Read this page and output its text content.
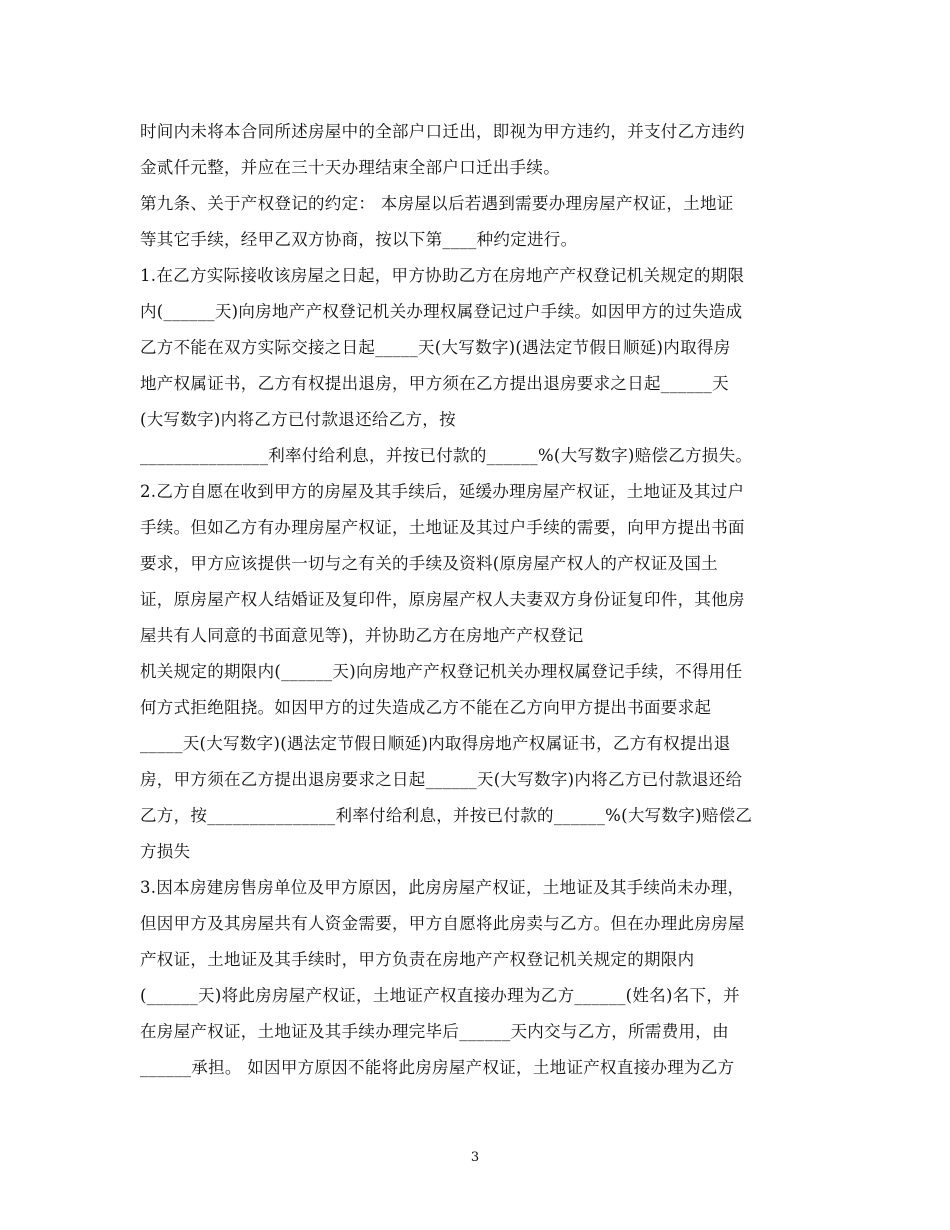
时间内未将本合同所述房屋中的全部户口迁出，即视为甲方违约，并支付乙方违约
金贰仟元整，并应在三十天办理结束全部户口迁出手续。
第九条、关于产权登记的约定： 本房屋以后若遇到需要办理房屋产权证，土地证
等其它手续，经甲乙双方协商，按以下第____种约定进行。
1.在乙方实际接收该房屋之日起，甲方协助乙方在房地产产权登记机关规定的期限
内(______天)向房地产产权登记机关办理权属登记过户手续。如因甲方的过失造成
乙方不能在双方实际交接之日起_____天(大写数字)(遇法定节假日顺延)内取得房
地产权属证书，乙方有权提出退房，甲方须在乙方提出退房要求之日起______天
(大写数字)内将乙方已付款退还给乙方，按
_______________利率付给利息，并按已付款的______%(大写数字)赔偿乙方损失。
2.乙方自愿在收到甲方的房屋及其手续后，延缓办理房屋产权证，土地证及其过户
手续。但如乙方有办理房屋产权证，土地证及其过户手续的需要，向甲方提出书面
要求，甲方应该提供一切与之有关的手续及资料(原房屋产权人的产权证及国土
证，原房屋产权人结婚证及复印件，原房屋产权人夫妻双方身份证复印件，其他房
屋共有人同意的书面意见等)，并协助乙方在房地产产权登记
机关规定的期限内(______天)向房地产产权登记机关办理权属登记手续，不得用任
何方式拒绝阻挠。如因甲方的过失造成乙方不能在乙方向甲方提出书面要求起
_____天(大写数字)(遇法定节假日顺延)内取得房地产权属证书，乙方有权提出退
房，甲方须在乙方提出退房要求之日起______天(大写数字)内将乙方已付款退还给
乙方，按_______________利率付给利息，并按已付款的______%(大写数字)赔偿乙
方损失
3.因本房建房售房单位及甲方原因，此房房屋产权证，土地证及其手续尚未办理，
但因甲方及其房屋共有人资金需要，甲方自愿将此房卖与乙方。但在办理此房房屋
产权证，土地证及其手续时，甲方负责在房地产产权登记机关规定的期限内
(______天)将此房房屋产权证，土地证产权直接办理为乙方______(姓名)名下，并
在房屋产权证，土地证及其手续办理完毕后______天内交与乙方，所需费用，由
______承担。 如因甲方原因不能将此房房屋产权证，土地证产权直接办理为乙方
3
